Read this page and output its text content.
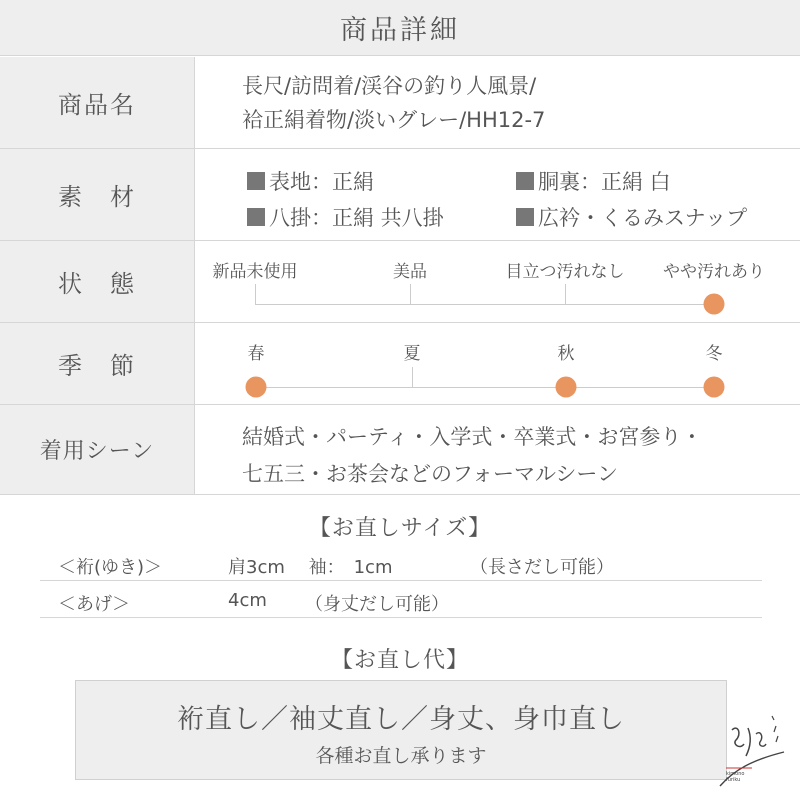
商品詳細
商品名
長尺/訪問着/渓谷の釣り人風景/
袷正絹着物/淡いグレー/HH12-7
素　材
表地：正絹	胴裏：正絹 白
八掛：正絹 共八掛	広衿・くるみスナップ
状　態	新品未使用	美品	目立つ汚れなし やや汚れあり
季　節	春	夏	秋	冬
着用シーン
結婚式・パーティ・入学式・卒業式・お宮参り・
七五三・お茶会などのフォーマルシーン
【お直しサイズ】
＜裄(ゆき)＞	肩3cm　 袖：　1cm	（長さだし可能）
＜あげ＞	4cm （身丈だし可能）
【お直し代】
裄直し／袖丈直し／身丈、身巾直し
各種お直し承ります
kimono
furiku
